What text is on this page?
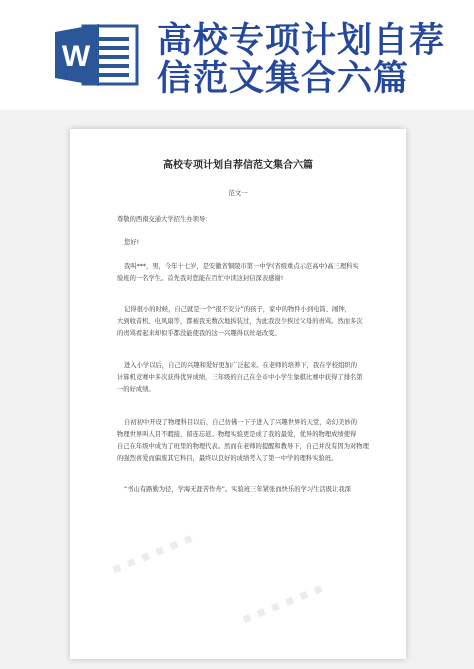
W 高校专项计划自荐
信范文集合六篇
高校专项计划自荐信范文集合六篇
范文一
尊敬的西南交通大学招生办领导：
您好!
我叫***，男，今年十七岁，是安徽省铜陵市第一中学(省级重点示范高中)高三理科实
验班的一名学生。首先我对您能在百忙中读这封信深表感谢!
记得很小的时候，自己就是一个“很不安分”的孩子，家中的物件小到电筒、闹钟，
大到收音机、电风扇等，都被我无数次地拆装过，为此我没少挨过父母的责骂。然而多次
的责骂看起来却似乎都没能使我的这一兴趣得以丝毫改变。
进入小学以后，自己的兴趣和爱好更加广泛起来。在老师的培养下，我在学校组织的
计算机竞赛中多次获得优异成绩，三年级的自己在全市中小学生象棋比赛中获得了排名第
一的好成绩。
自初初中开设了物理科目以后，自己仿佛一下子进入了兴趣世界的天堂，奇幻美妙的
物理世界叫人目不暇接，留连忘返。物理实验更是成了我的最爱，优异的物理成绩使得
自己在年级中成为了班里的物理代表。然而在老师的提醒和教导下，自己并没有因为对物理
的强烈喜爱而偏废其它科目，最终以良好的成绩考入了第一中学的理科实验班。
“书山有路勤为径，学海无涯苦作舟”。实验班三年紧张而快乐的学习生活既让我深
■ ■ ■ ■ ■ ■
■ ■ ■ ■ ■ ■
